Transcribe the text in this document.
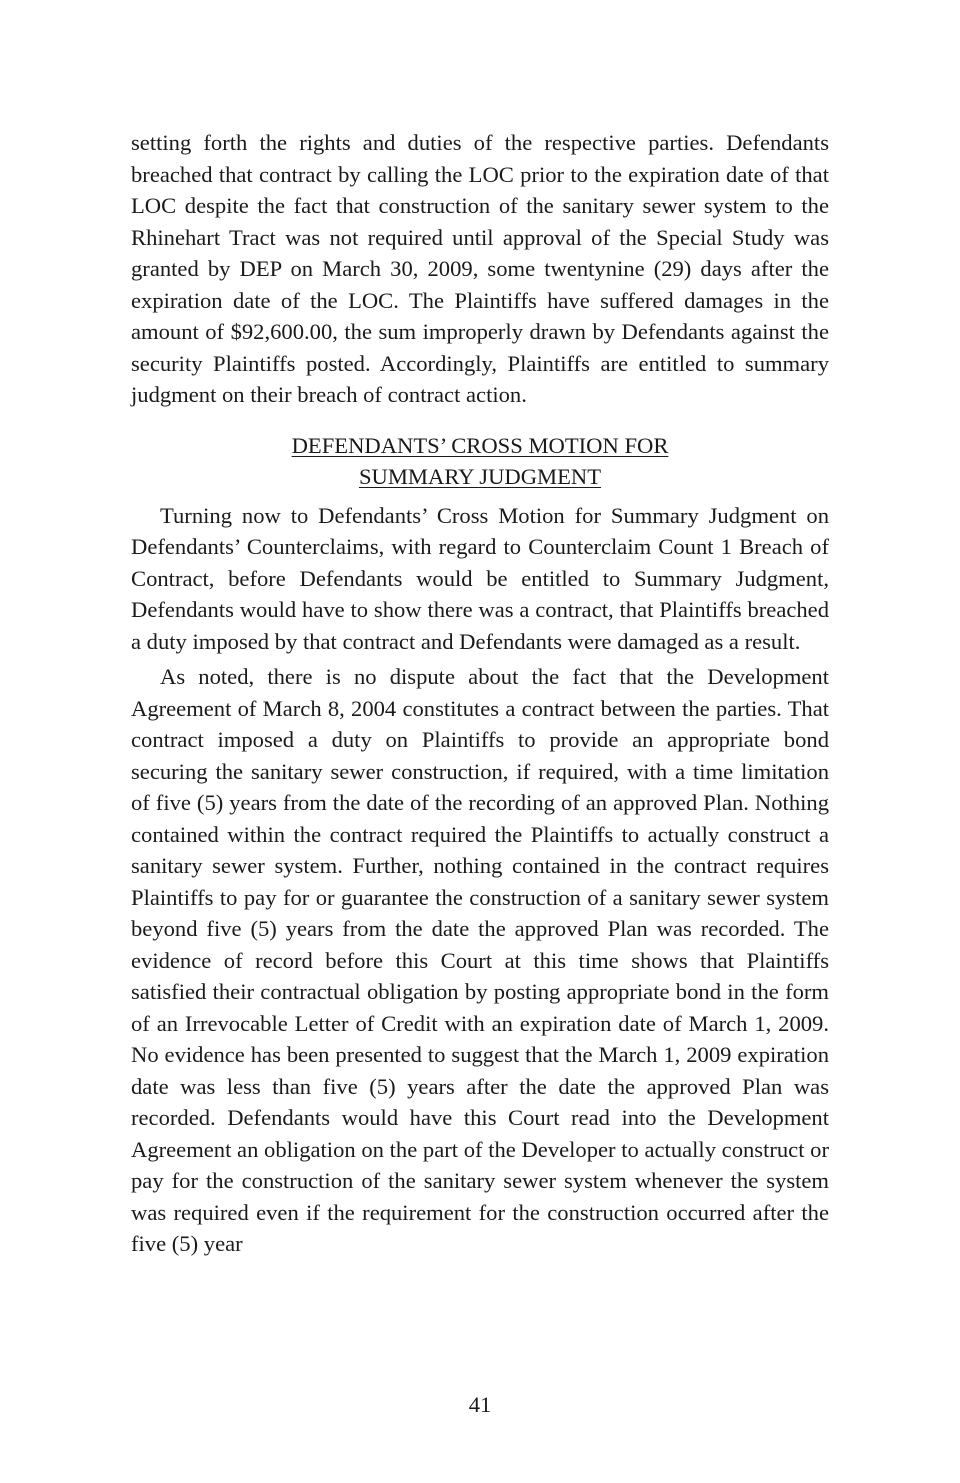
setting forth the rights and duties of the respective parties. Defendants breached that contract by calling the LOC prior to the expiration date of that LOC despite the fact that construction of the sanitary sewer system to the Rhinehart Tract was not required until approval of the Special Study was granted by DEP on March 30, 2009, some twentynine (29) days after the expiration date of the LOC. The Plaintiffs have suffered damages in the amount of $92,600.00, the sum improperly drawn by Defendants against the security Plaintiffs posted. Accordingly, Plaintiffs are entitled to summary judgment on their breach of contract action.

DEFENDANTS’ CROSS MOTION FOR
SUMMARY JUDGMENT

Turning now to Defendants’ Cross Motion for Summary Judgment on Defendants’ Counterclaims, with regard to Counterclaim Count 1 Breach of Contract, before Defendants would be entitled to Summary Judgment, Defendants would have to show there was a contract, that Plaintiffs breached a duty imposed by that contract and Defendants were damaged as a result.

As noted, there is no dispute about the fact that the Development Agreement of March 8, 2004 constitutes a contract between the parties. That contract imposed a duty on Plaintiffs to provide an appropriate bond securing the sanitary sewer construction, if required, with a time limitation of five (5) years from the date of the recording of an approved Plan. Nothing contained within the contract required the Plaintiffs to actually construct a sanitary sewer system. Further, nothing contained in the contract requires Plaintiffs to pay for or guarantee the construction of a sanitary sewer system beyond five (5) years from the date the approved Plan was recorded. The evidence of record before this Court at this time shows that Plaintiffs satisfied their contractual obligation by posting appropriate bond in the form of an Irrevocable Letter of Credit with an expiration date of March 1, 2009. No evidence has been presented to suggest that the March 1, 2009 expiration date was less than five (5) years after the date the approved Plan was recorded. Defendants would have this Court read into the Development Agreement an obligation on the part of the Developer to actually construct or pay for the construction of the sanitary sewer system whenever the system was required even if the requirement for the construction occurred after the five (5) year

41
